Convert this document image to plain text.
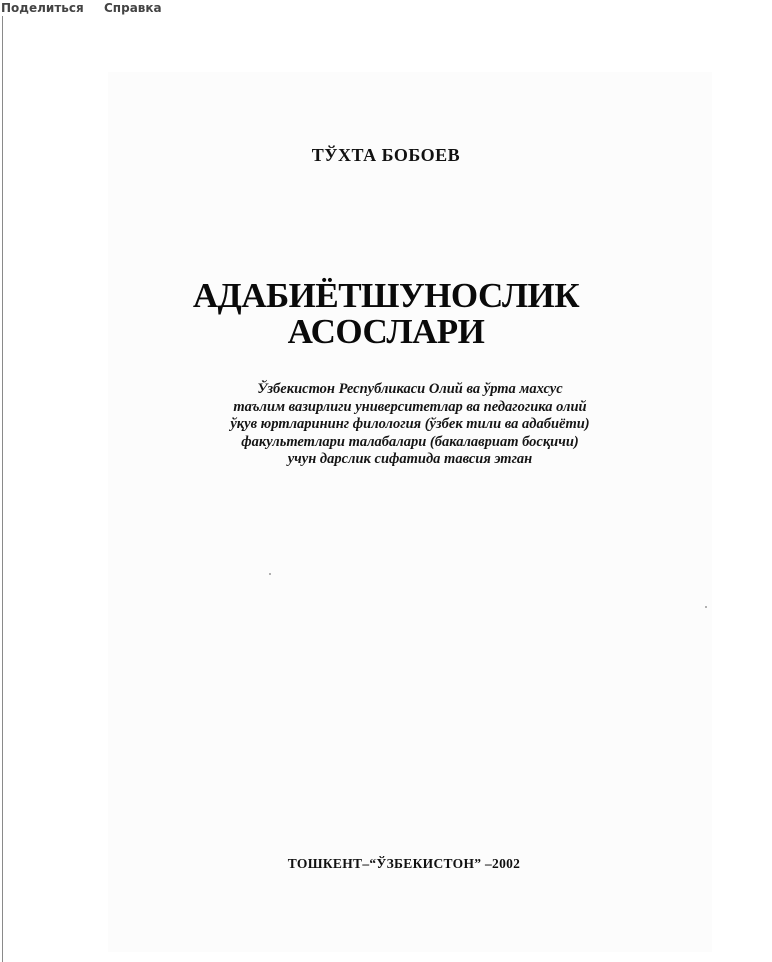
Поделиться Справка
ТЎХТА БОБОЕВ
АДАБИЁТШУНОСЛИК
АСОСЛАРИ
Ўзбекистон Республикаси Олий ва ўрта махсус
таълим вазирлиги университетлар ва педагогика олий
ўқув юртларининг филология (ўзбек тили ва адабиёти)
факультетлари талабалари (бакалавриат босқичи)
учун дарслик сифатида тавсия этган
ТОШКЕНТ–“ЎЗБЕКИСТОН” –2002
